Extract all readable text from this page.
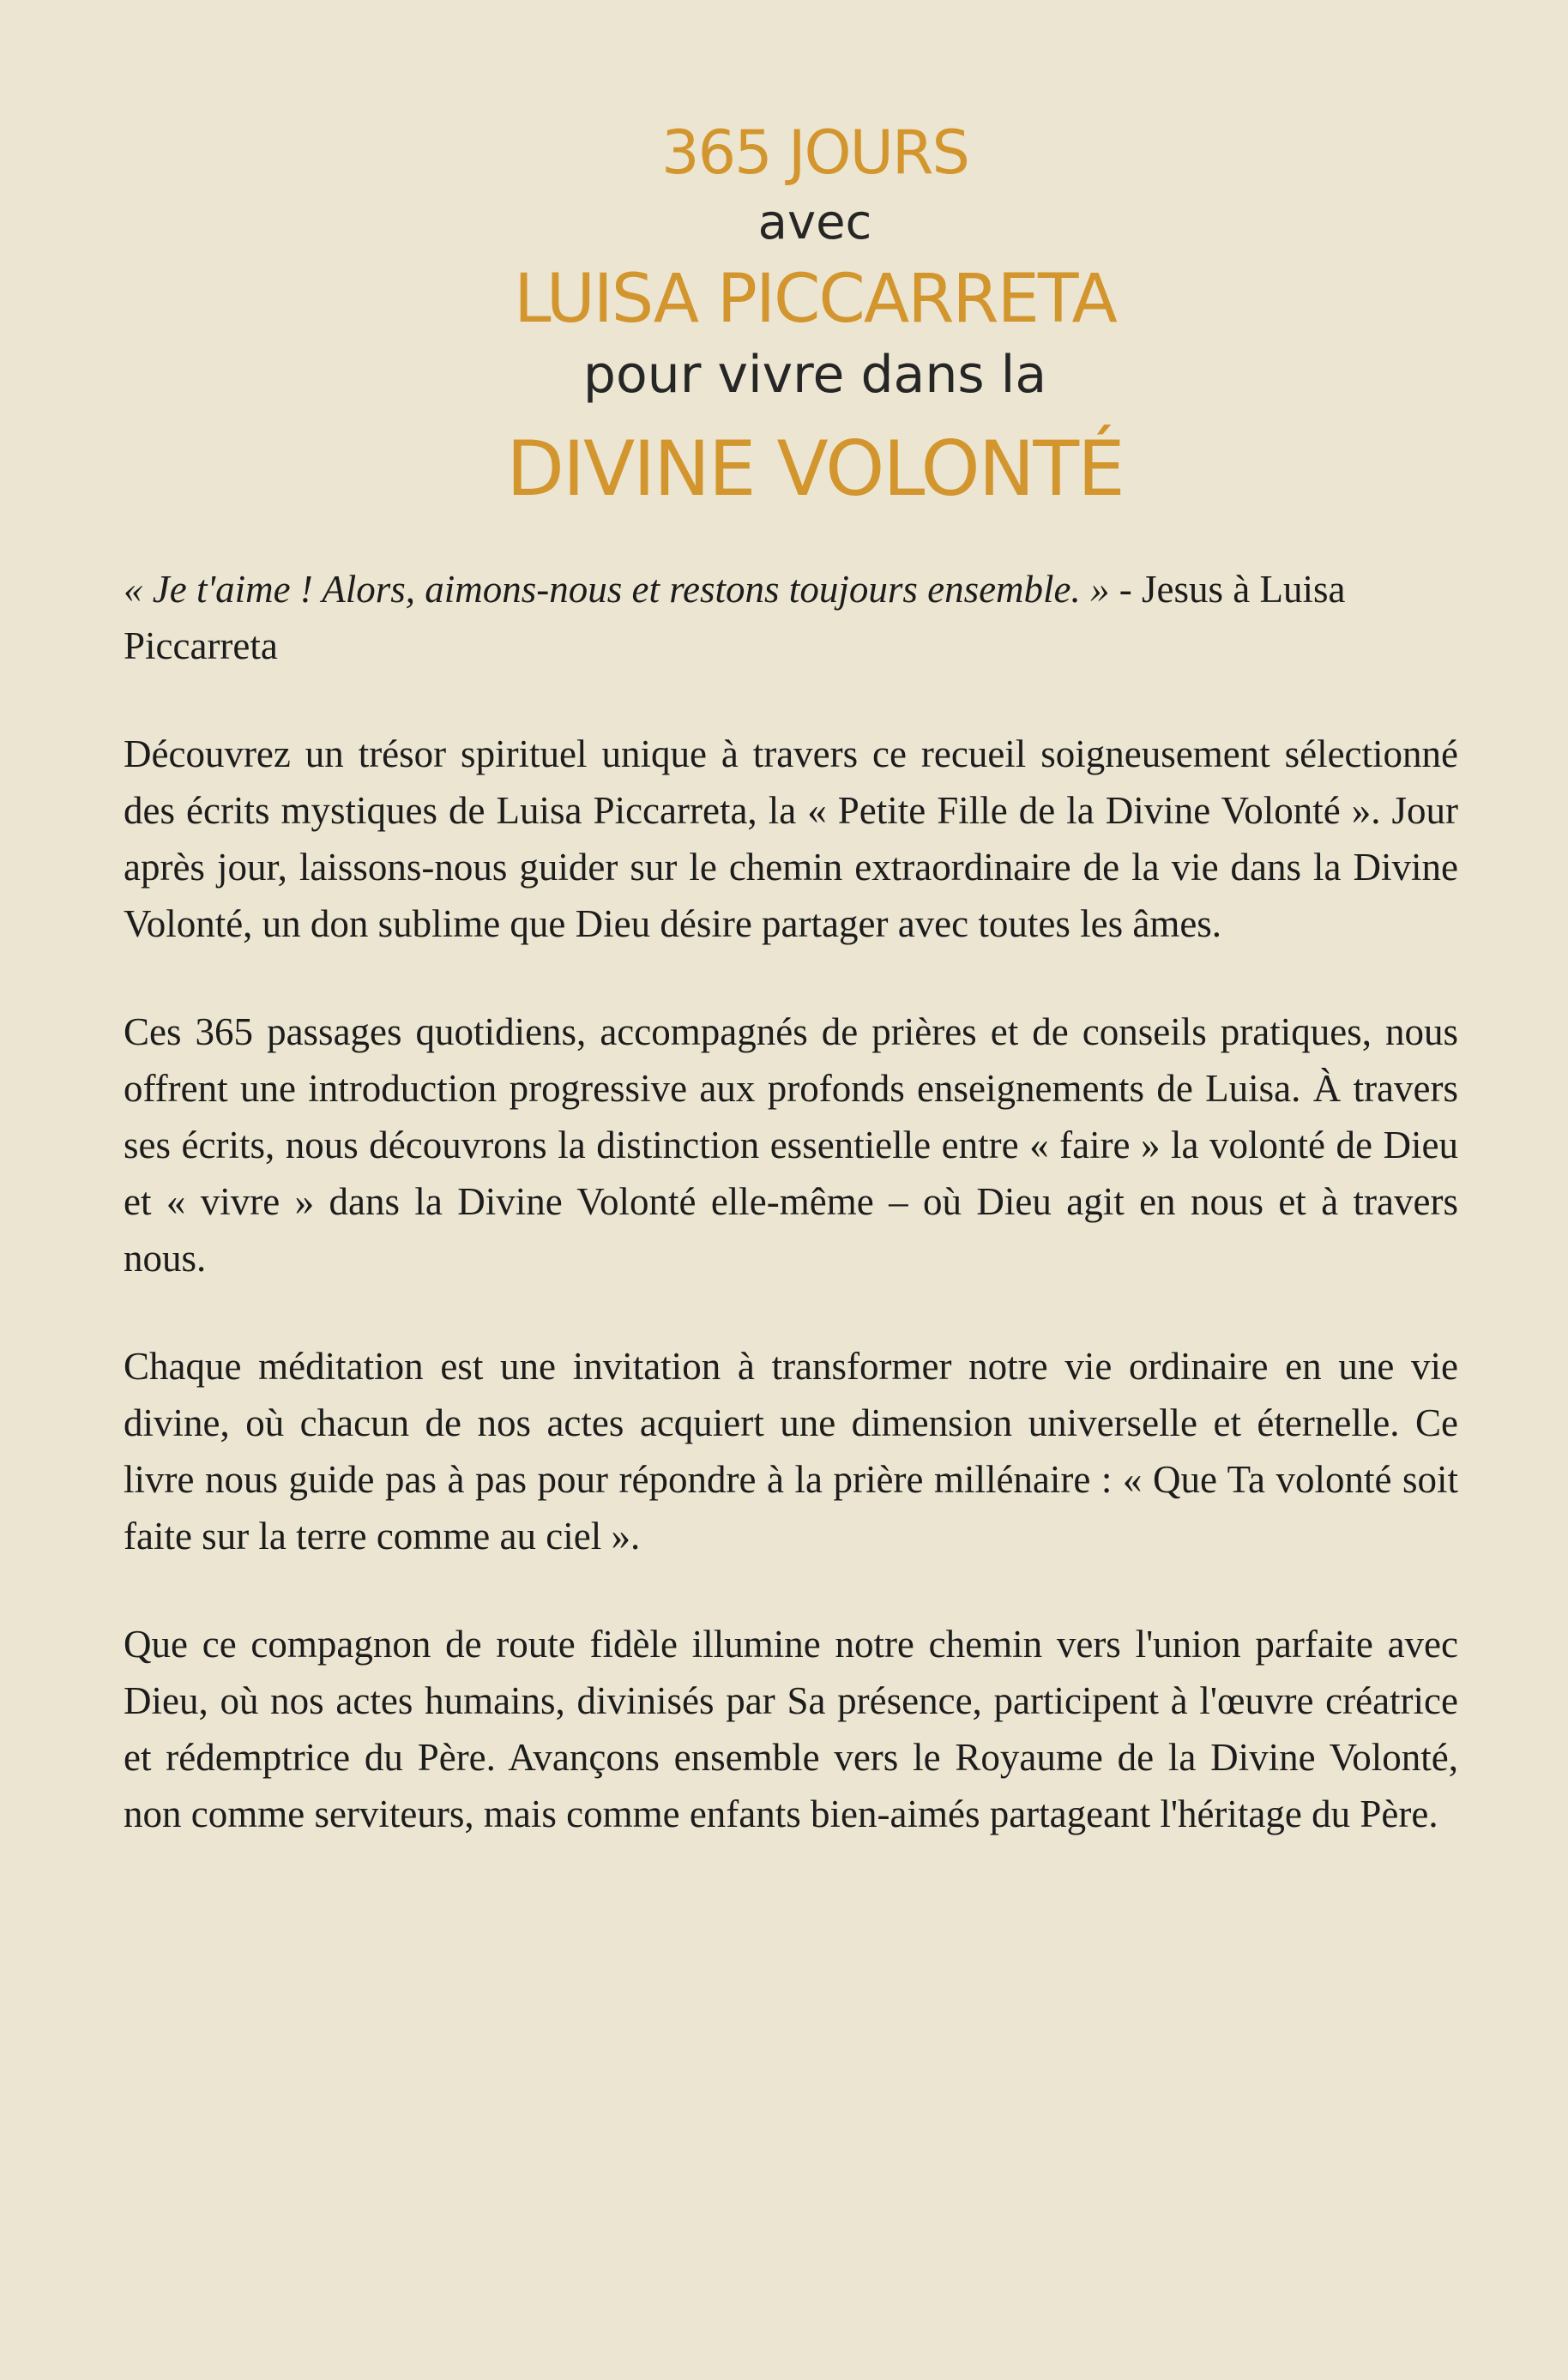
365 JOURS
avec
LUISA PICCARRETA
pour vivre dans la
DIVINE VOLONTÉ

« Je t'aime ! Alors, aimons-nous et restons toujours ensemble. » - Jesus à Luisa Piccarreta

Découvrez un trésor spirituel unique à travers ce recueil soigneusement sélectionné des écrits mystiques de Luisa Piccarreta, la « Petite Fille de la Divine Volonté ». Jour après jour, laissons-nous guider sur le chemin extraordinaire de la vie dans la Divine Volonté, un don sublime que Dieu désire partager avec toutes les âmes.

Ces 365 passages quotidiens, accompagnés de prières et de conseils pratiques, nous offrent une introduction progressive aux profonds enseignements de Luisa. À travers ses écrits, nous découvrons la distinction essentielle entre « faire » la volonté de Dieu et « vivre » dans la Divine Volonté elle-même – où Dieu agit en nous et à travers nous.

Chaque méditation est une invitation à transformer notre vie ordinaire en une vie divine, où chacun de nos actes acquiert une dimension universelle et éternelle. Ce livre nous guide pas à pas pour répondre à la prière millénaire : « Que Ta volonté soit faite sur la terre comme au ciel ».

Que ce compagnon de route fidèle illumine notre chemin vers l'union parfaite avec Dieu, où nos actes humains, divinisés par Sa présence, participent à l'œuvre créatrice et rédemptrice du Père. Avançons ensemble vers le Royaume de la Divine Volonté, non comme serviteurs, mais comme enfants bien-aimés partageant l'héritage du Père.
